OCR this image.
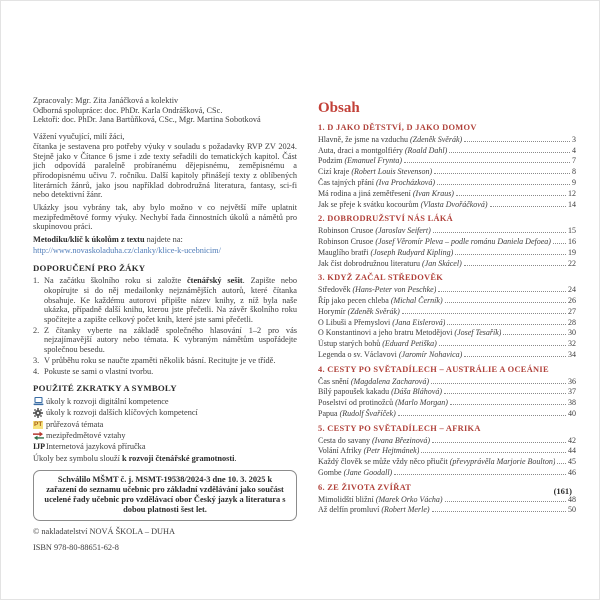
Zpracovaly: Mgr. Zita Janáčková a kolektiv
Odborná spolupráce: doc. PhDr. Karla Ondrášková, CSc.
Lektoři: doc. PhDr. Jana Bartůňková, CSc., Mgr. Martina Sobotková
Vážení vyučující, milí žáci,

čítanka je sestavena pro potřeby výuky v souladu s požadavky RVP ZV 2024. Stejně jako v Čítance 6 jsme i zde texty seřadili do tematických kapitol. Část jich odpovídá paralelně probíranému dějepisnému, zeměpisnému a přírodopisnému učivu 7. ročníku. Další kapitoly přinášejí texty z oblíbených literárních žánrů, jako jsou například dobrodružná literatura, fantasy, sci-fi nebo detektivní žánr.

Ukázky jsou vybrány tak, aby bylo možno v co největší míře uplatnit mezipředmětové formy výuky. Nechybí řada činnostních úkolů a námětů pro skupinovou práci.

Metodiku/klíč k úkolům z textu najdete na:

http://www.novaskoladuha.cz/clanky/klice-k-ucebnicim/
DOPORUČENÍ PRO ŽÁKY
1. Na začátku školního roku si založte čtenářský sešit. Zapište nebo okopírujte si do něj medailonky nejznámějších autorů, které čítanka obsahuje. Ke každému autorovi připište název knihy, z níž byla naše ukázka, případně další knihu, kterou jste přečetli. Na závěr školního roku spočítejte a zapište celkový počet knih, které jste sami přečetli.
2. Z čítanky vyberte na základě společného hlasování 1–2 pro vás nejzajímavější autory nebo témata. K vybraným námětům uspořádejte společnou besedu.
3. V průběhu roku se naučte zpaměti několik básní. Recitujte je ve třídě.
4. Pokuste se sami o vlastní tvorbu.
POUŽITÉ ZKRATKY A SYMBOLY
úkoly k rozvoji digitální kompetence
úkoly k rozvoji dalších klíčových kompetencí
PT průřezová témata
mezipředmětové vztahy
IJP Internetová jazyková příručka
Úkoly bez symbolu slouží k rozvoji čtenářské gramotnosti.
Schválilo MŠMT č. j. MSMT-19538/2024-3 dne 10. 3. 2025 k zařazení do seznamu učebnic pro základní vzdělávání jako součást ucelené řady učebnic pro vzdělávací obor Český jazyk a literatura s dobou platnosti šest let.
© nakladatelství NOVÁ ŠKOLA – DUHA
ISBN 978-80-88651-62-8
Obsah
1. D JAKO DĚTSTVÍ, D JAKO DOMOV
Hlavně, že jsme na vzduchu (Zdeněk Svěrák)	3
Auta, draci a montgolfiéry (Roald Dahl)	4
Podzim (Emanuel Frynta)	7
Cizí kraje (Robert Louis Stevenson)	8
Čas tajných přání (Iva Procházková)	9
Má rodina a jiná zemětřesení (Ivan Kraus)	12
Jak se přeje k svátku kocourům (Vlasta Dvořáčková)	14
2. DOBRODRUŽSTVÍ NÁS LÁKÁ
Robinson Crusoe (Jaroslav Seifert)	15
Robinson Crusoe (Josef Věromír Pleva – podle románu Daniela Defoea) 16
Mauglího bratři (Joseph Rudyard Kipling)	19
Jak číst dobrodružnou literaturu (Jan Skácel)	22
3. KDYŽ ZAČAL STŘEDOVĚK
Středověk (Hans-Peter von Peschke)	24
Říp jako pecen chleba (Michal Černík)	26
Horymír (Zdeněk Svěrák)	27
O Libuši a Přemyslovi (Jana Eislerová)	28
O Konstantinovi a jeho bratru Metodějovi (Josef Tesařík)	30
Ústup starých bohů (Eduard Petiška)	32
Legenda o sv. Václavovi (Jaromír Nohavica)	34
4. CESTY PO SVĚTADÍLECH – AUSTRÁLIE A OCEÁNIE
Čas snění (Magdalena Zacharová)	36
Bílý papoušek kakadu (Dáša Bláhová)	37
Poselství od protinožců (Marlo Morgan)	38
Papua (Rudolf Švaříček)	40
5. CESTY PO SVĚTADÍLECH – AFRIKA
Cesta do savany (Ivana Březinová)	42
Volání Afriky (Petr Hejtmánek)	44
Každý člověk se může vždy něco přiučit (převyprávěla Marjorie Boulton) 45
Gombe (Jane Goodall)	46
6. ZE ŽIVOTA ZVÍŘAT
Mimolidští bližní (Marek Orko Vácha)	48
Až delfín promluví (Robert Merle)	50
(161)
